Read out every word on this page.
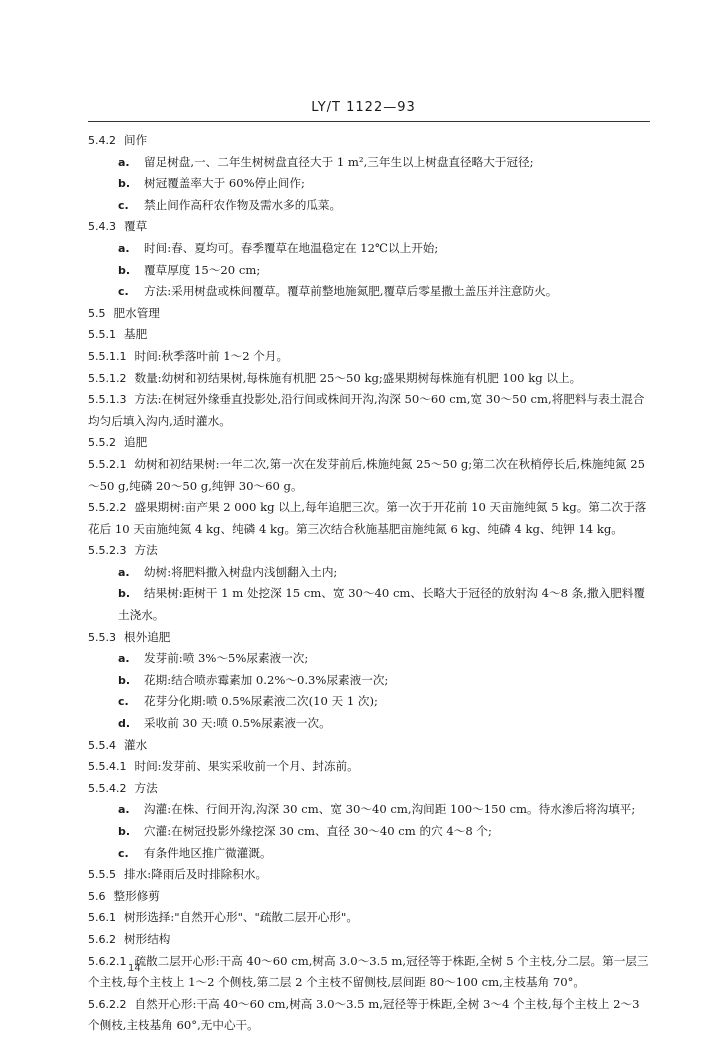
LY/T 1122—93
5.4.2 间作
a. 留足树盘,一、二年生树树盘直径大于 1 m²,三年生以上树盘直径略大于冠径;
b. 树冠覆盖率大于 60%停止间作;
c. 禁止间作高秆农作物及需水多的瓜菜。
5.4.3 覆草
a. 时间:春、夏均可。春季覆草在地温稳定在 12℃以上开始;
b. 覆草厚度 15～20 cm;
c. 方法:采用树盘或株间覆草。覆草前整地施氮肥,覆草后零星撒土盖压并注意防火。
5.5 肥水管理
5.5.1 基肥
5.5.1.1 时间:秋季落叶前 1～2 个月。
5.5.1.2 数量:幼树和初结果树,每株施有机肥 25～50 kg;盛果期树每株施有机肥 100 kg 以上。
5.5.1.3 方法:在树冠外缘垂直投影处,沿行间或株间开沟,沟深 50～60 cm,宽 30～50 cm,将肥料与表土混合均匀后填入沟内,适时灌水。
5.5.2 追肥
5.5.2.1 幼树和初结果树:一年二次,第一次在发芽前后,株施纯氮 25～50 g;第二次在秋梢停长后,株施纯氮 25～50 g,纯磷 20～50 g,纯钾 30～60 g。
5.5.2.2 盛果期树:亩产果 2 000 kg 以上,每年追肥三次。第一次于开花前 10 天亩施纯氮 5 kg。第二次于落花后 10 天亩施纯氮 4 kg、纯磷 4 kg。第三次结合秋施基肥亩施纯氮 6 kg、纯磷 4 kg、纯钾 14 kg。
5.5.2.3 方法
a. 幼树:将肥料撒入树盘内浅刨翻入土内;
b. 结果树:距树干 1 m 处挖深 15 cm、宽 30～40 cm、长略大于冠径的放射沟 4～8 条,撒入肥料覆土浇水。
5.5.3 根外追肥
a. 发芽前:喷 3%～5%尿素液一次;
b. 花期:结合喷赤霉素加 0.2%～0.3%尿素液一次;
c. 花芽分化期:喷 0.5%尿素液二次(10 天 1 次);
d. 采收前 30 天:喷 0.5%尿素液一次。
5.5.4 灌水
5.5.4.1 时间:发芽前、果实采收前一个月、封冻前。
5.5.4.2 方法
a. 沟灌:在株、行间开沟,沟深 30 cm、宽 30～40 cm,沟间距 100～150 cm。待水渗后将沟填平;
b. 穴灌:在树冠投影外缘挖深 30 cm、直径 30～40 cm 的穴 4～8 个;
c. 有条件地区推广微灌溉。
5.5.5 排水:降雨后及时排除积水。
5.6 整形修剪
5.6.1 树形选择:"自然开心形"、"疏散二层开心形"。
5.6.2 树形结构
5.6.2.1 疏散二层开心形:干高 40～60 cm,树高 3.0～3.5 m,冠径等于株距,全树 5 个主枝,分二层。第一层三个主枝,每个主枝上 1～2 个侧枝,第二层 2 个主枝不留侧枝,层间距 80～100 cm,主枝基角 70°。
5.6.2.2 自然开心形:干高 40～60 cm,树高 3.0～3.5 m,冠径等于株距,全树 3～4 个主枝,每个主枝上 2～3 个侧枝,主枝基角 60°,无中心干。
14
